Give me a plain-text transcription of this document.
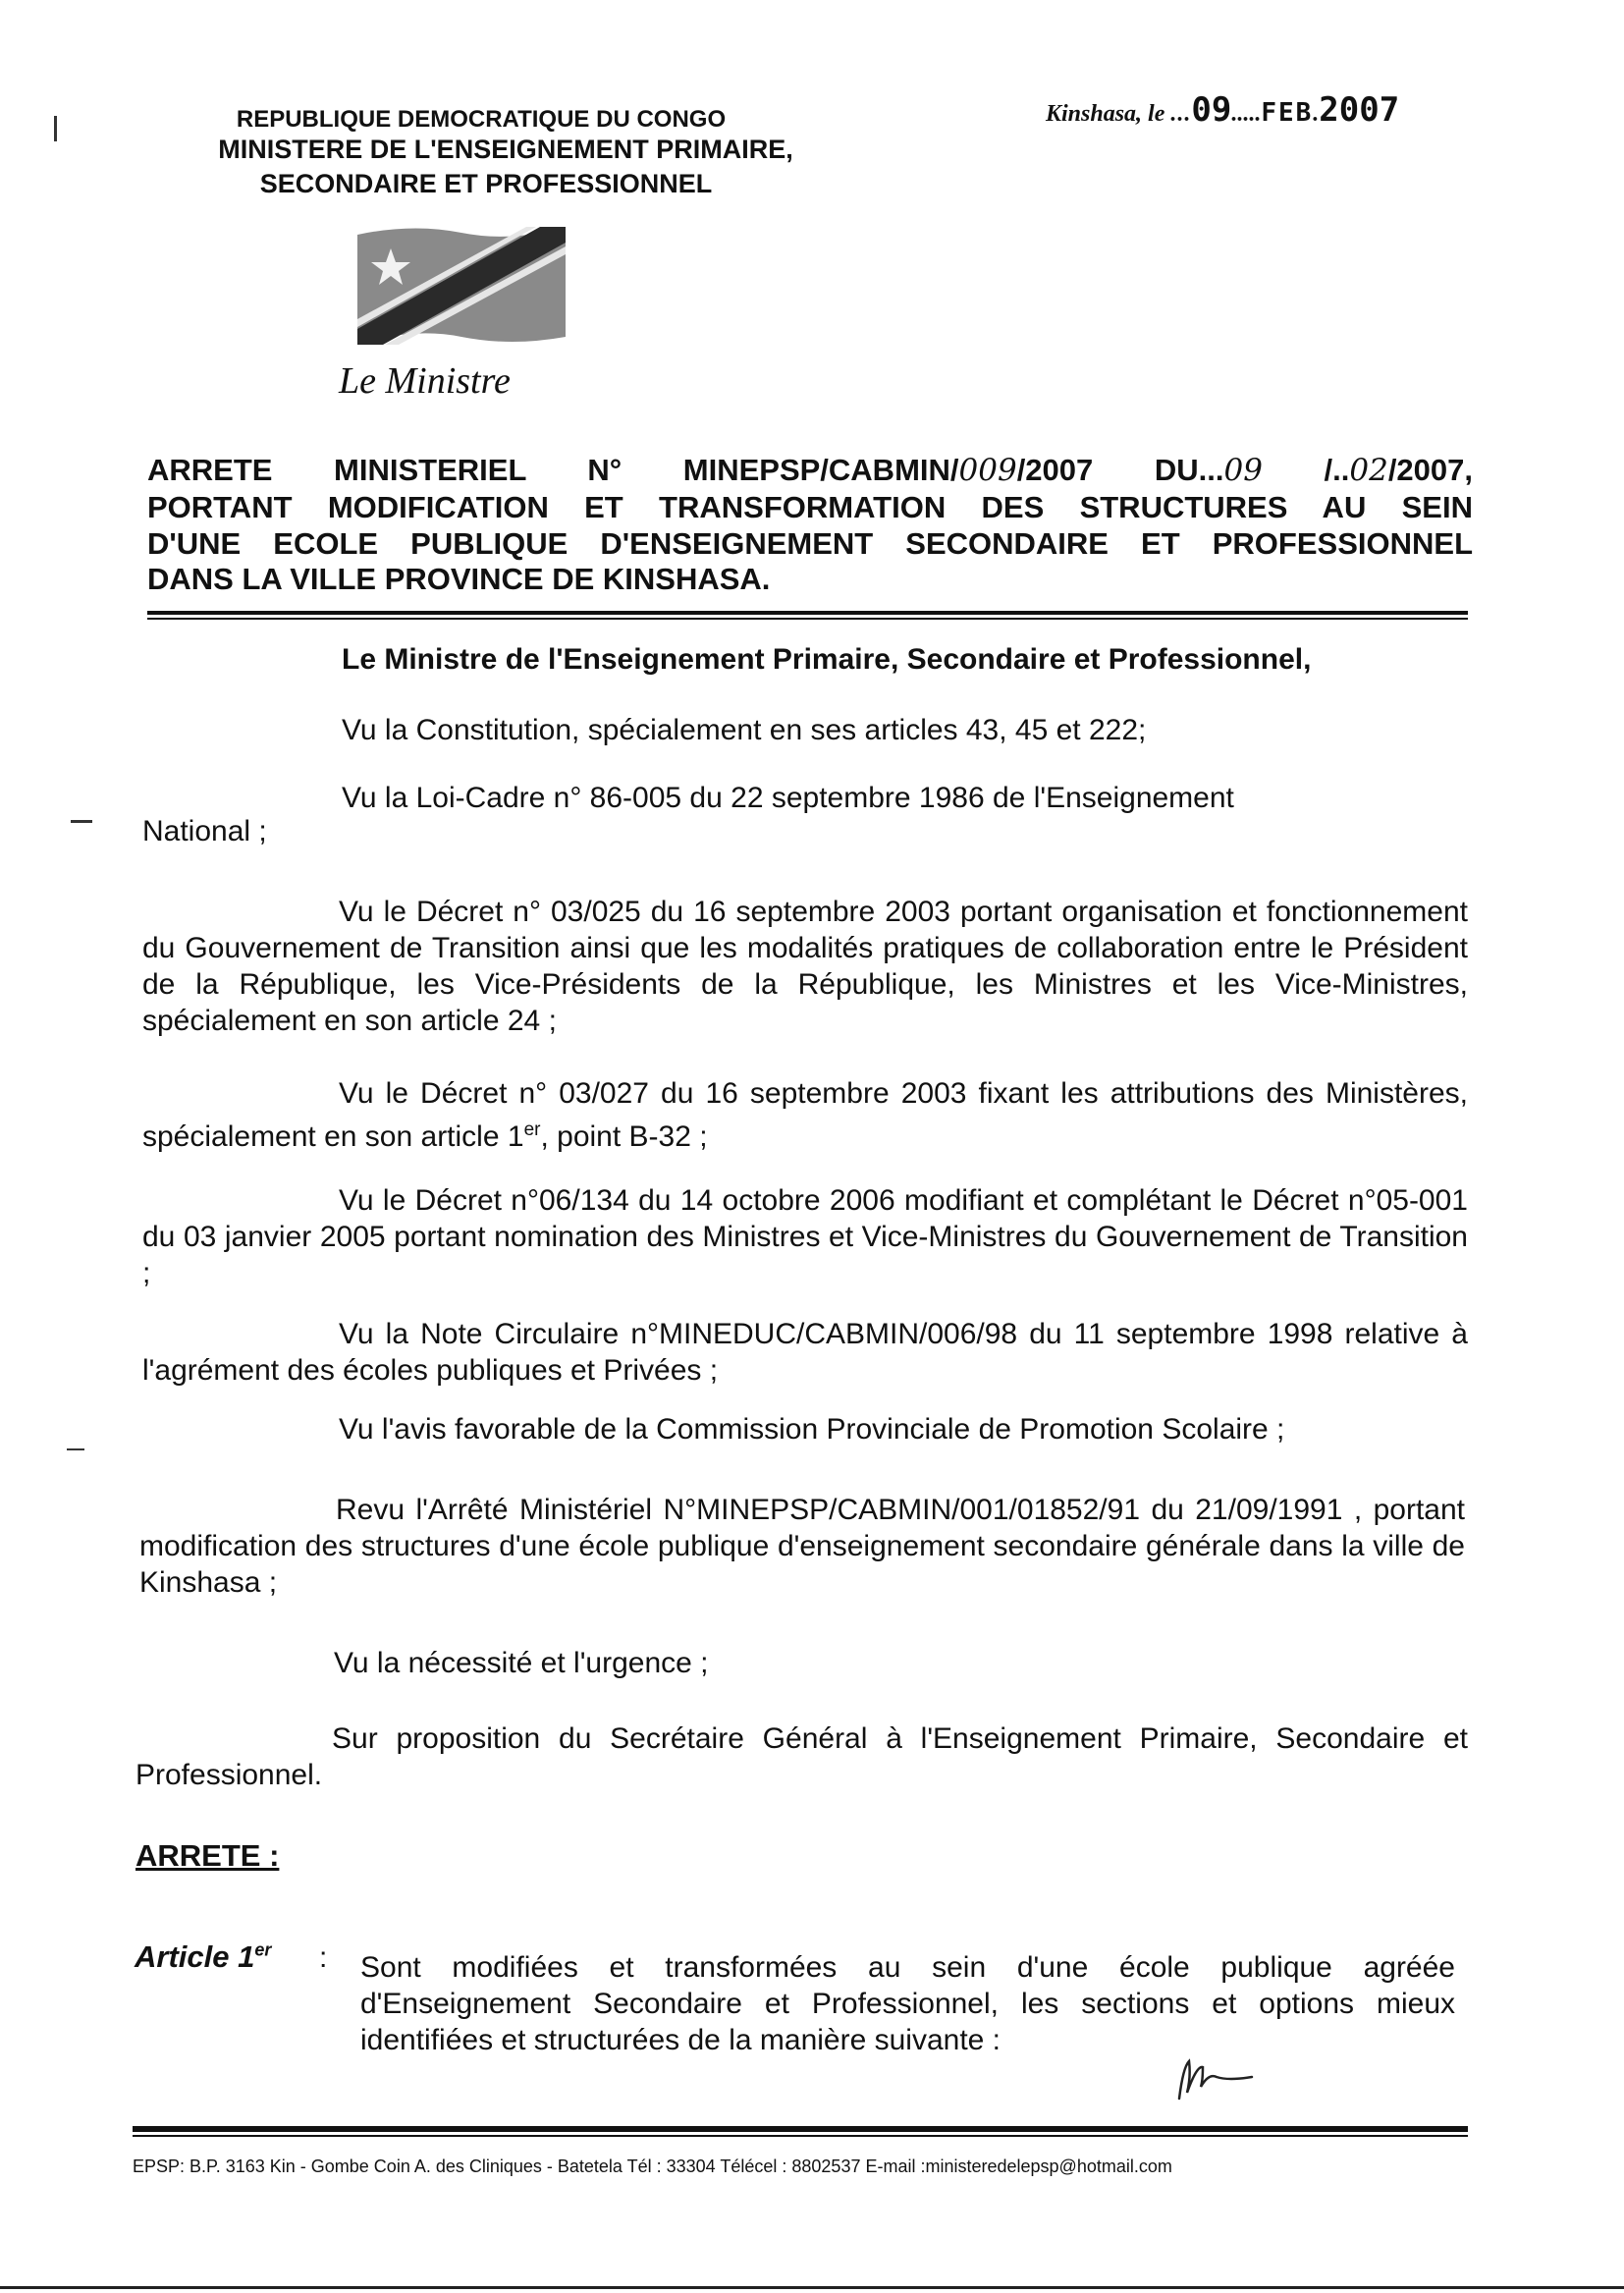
REPUBLIQUE DEMOCRATIQUE DU CONGO
MINISTERE DE L'ENSEIGNEMENT PRIMAIRE,
SECONDAIRE ET PROFESSIONNEL
Kinshasa, le ...09.....FEB.2007
Le Ministre
ARRETE MINISTERIEL N° MINEPSP/CABMIN/009/2007 DU...09 /..02/2007,
PORTANT MODIFICATION ET TRANSFORMATION DES STRUCTURES AU SEIN
D'UNE ECOLE PUBLIQUE D'ENSEIGNEMENT SECONDAIRE ET PROFESSIONNEL
DANS LA VILLE PROVINCE DE KINSHASA.
Le Ministre de l'Enseignement Primaire, Secondaire et Professionnel,
Vu la Constitution, spécialement en ses articles 43, 45 et 222;
Vu la Loi-Cadre n° 86-005 du 22 septembre 1986 de l'Enseignement
National ;
Vu le Décret n° 03/025 du 16 septembre 2003 portant organisation et fonctionnement du Gouvernement de Transition ainsi que les modalités pratiques de collaboration entre le Président de la République, les Vice-Présidents de la République, les Ministres et les Vice-Ministres, spécialement en son article 24 ;
Vu le Décret n° 03/027 du 16 septembre 2003 fixant les attributions des Ministères, spécialement en son article 1er, point B-32 ;
Vu le Décret n°06/134 du 14 octobre 2006 modifiant et complétant le Décret n°05-001 du 03 janvier 2005 portant nomination des Ministres et Vice-Ministres du Gouvernement de Transition ;
Vu la Note Circulaire n°MINEDUC/CABMIN/006/98 du 11 septembre 1998 relative à l'agrément des écoles publiques et Privées ;
Vu l'avis favorable de la Commission Provinciale de Promotion Scolaire ;
Revu l'Arrêté Ministériel N°MINEPSP/CABMIN/001/01852/91 du 21/09/1991 , portant modification des structures d'une école publique d'enseignement secondaire générale dans la ville de Kinshasa ;
Vu la nécessité et l'urgence ;
Sur proposition du Secrétaire Général à l'Enseignement Primaire, Secondaire et Professionnel.
ARRETE :
Article 1er : Sont modifiées et transformées au sein d'une école publique agréée d'Enseignement Secondaire et Professionnel, les sections et options mieux identifiées et structurées de la manière suivante :
EPSP: B.P. 3163 Kin - Gombe Coin A. des Cliniques - Batetela Tél : 33304 Télécel : 8802537 E-mail :ministeredelepsp@hotmail.com
